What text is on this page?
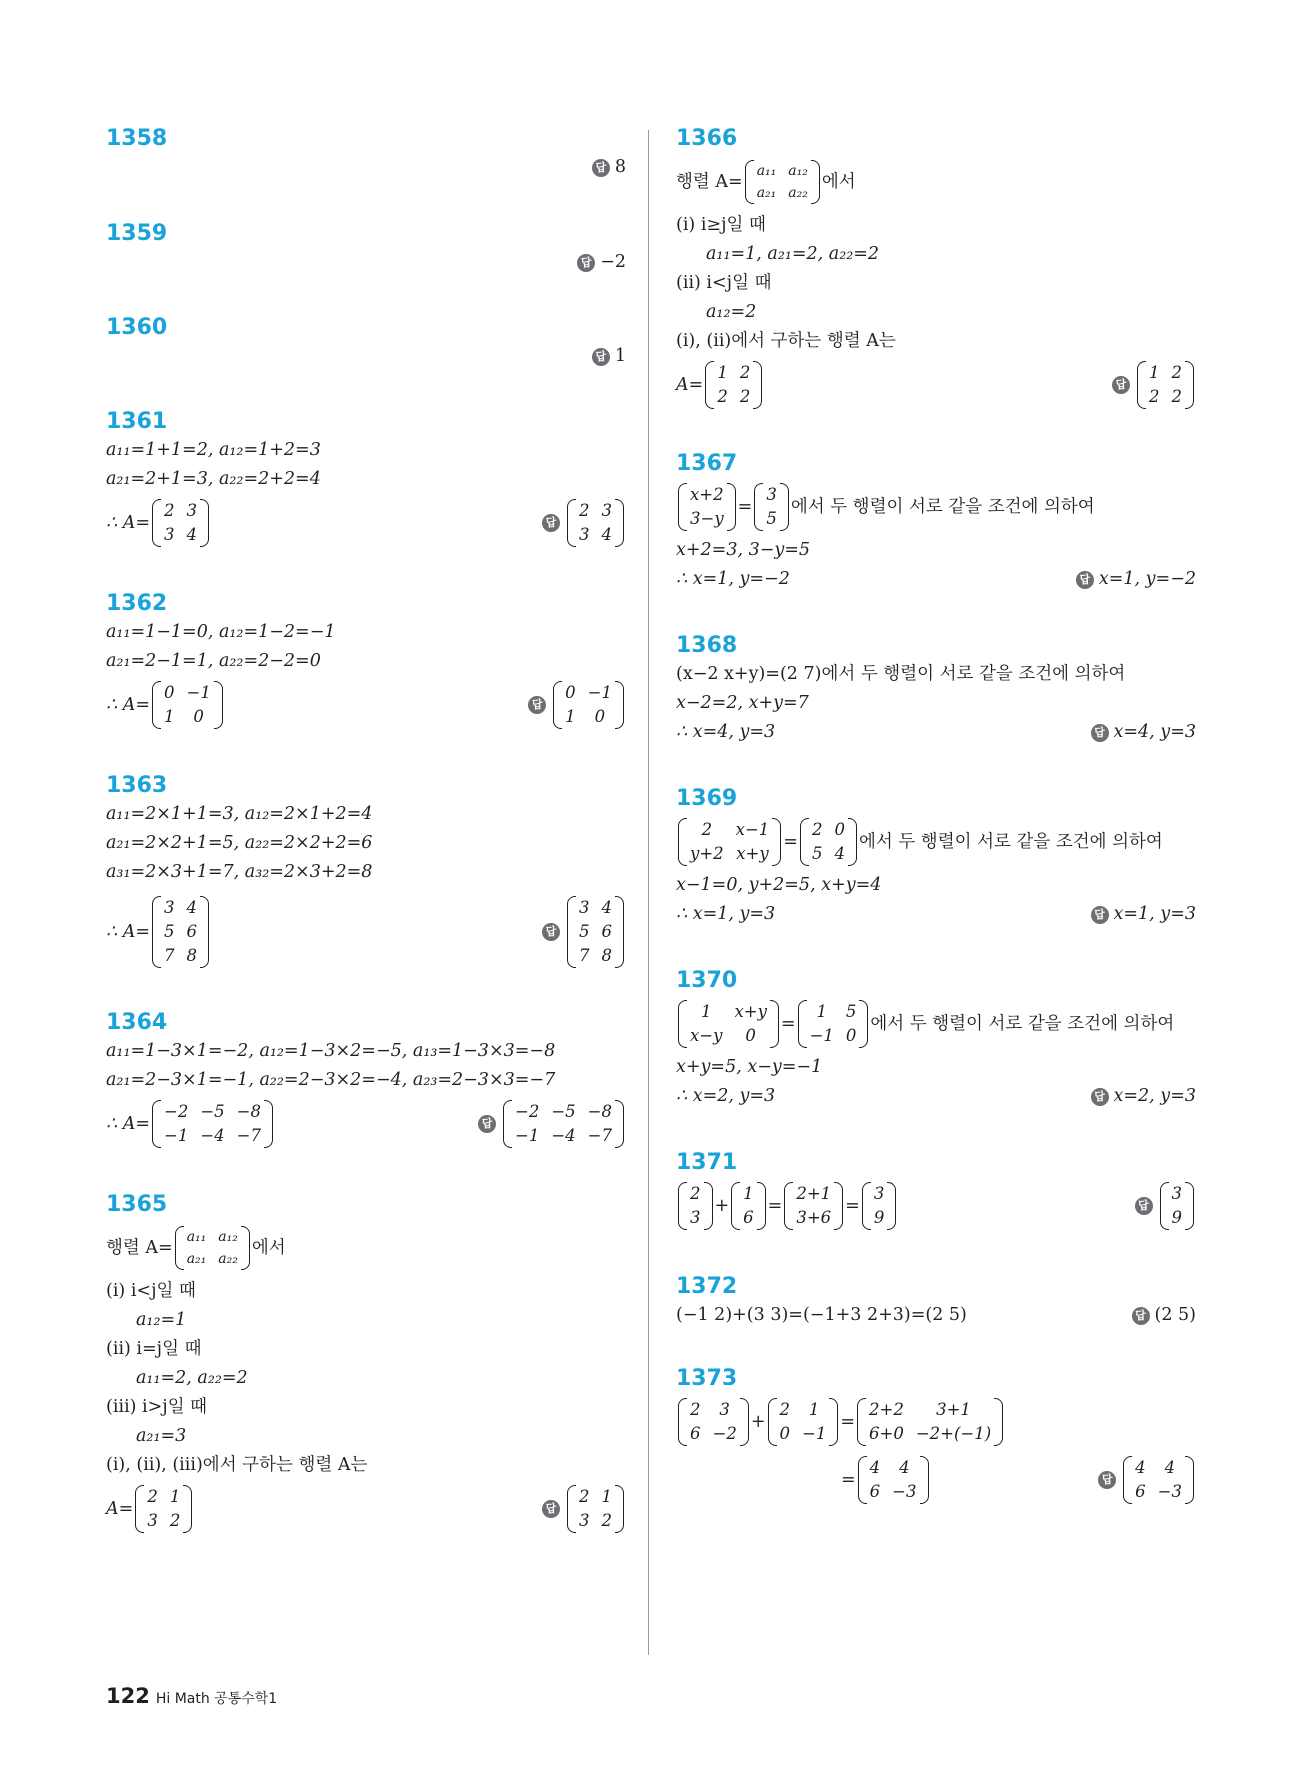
1358
답 8
1359
답 −2
1360
답 1
1361
a₁₁=1+1=2, a₁₂=1+2=3
a₂₁=2+1=3, a₂₂=2+2=4
∴ A=
2 3
3 4
답
2 3
3 4
1362
a₁₁=1−1=0, a₁₂=1−2=−1
a₂₁=2−1=1, a₂₂=2−2=0
∴ A=
0 −1
1	0
답
0 −1
1	0
1363
a₁₁=2×1+1=3, a₁₂=2×1+2=4
a₂₁=2×2+1=5, a₂₂=2×2+2=6
a₃₁=2×3+1=7, a₃₂=2×3+2=8
∴ A=
3 4
5 6
7 8
답
3 4
5 6
7 8
1364
a₁₁=1−3×1=−2, a₁₂=1−3×2=−5, a₁₃=1−3×3=−8
a₂₁=2−3×1=−1, a₂₂=2−3×2=−4, a₂₃=2−3×3=−7
∴ A=
−2 −5 −8
−1 −4 −7
답
−2 −5 −8
−1 −4 −7
1365
행렬 A=
a₁₁ a₁₂
a₂₁ a₂₂
에서
(ⅰ) i<j일 때
a₁₂=1
(ⅱ) i=j일 때
a₁₁=2, a₂₂=2
(ⅲ) i>j일 때
a₂₁=3
(ⅰ), (ⅱ), (ⅲ)에서 구하는 행렬 A는
A=
2 1
3 2
답
2 1
3 2
1366
행렬 A=
a₁₁ a₁₂
a₂₁ a₂₂
에서
(ⅰ) i≥j일 때
a₁₁=1, a₂₁=2, a₂₂=2
(ⅱ) i<j일 때
a₁₂=2
(ⅰ), (ⅱ)에서 구하는 행렬 A는
A=
1 2
2 2
답
1 2
2 2
1367
x+2
3−y
=
3
5
에서 두 행렬이 서로 같을 조건에 의하여
x+2=3, 3−y=5
∴ x=1, y=−2	답 x=1, y=−2
1368
(x−2 x+y)=(2 7)에서 두 행렬이 서로 같을 조건에 의하여
x−2=2, x+y=7
∴ x=4, y=3	답 x=4, y=3
1369
2	x−1
y+2 x+y
=
2 0
5 4
에서 두 행렬이 서로 같을 조건에 의하여
x−1=0, y+2=5, x+y=4
∴ x=1, y=3	답 x=1, y=3
1370
1	x+y
x−y	0
=
1	5
−1 0
에서 두 행렬이 서로 같을 조건에 의하여
x+y=5, x−y=−1
∴ x=2, y=3	답 x=2, y=3
1371
2
3
+
1
6
=
2+1
3+6
=
3
9
답
3
9
1372
(−1 2)+(3 3)=(−1+3 2+3)=(2 5)	답 (2 5)
1373
2	3
6 −2
+
2	1
0 −1
=
2+2	3+1
6+0 −2+(−1)
=
4	4
6 −3
답
4	4
6 −3
122 Hi Math 공통수학1
